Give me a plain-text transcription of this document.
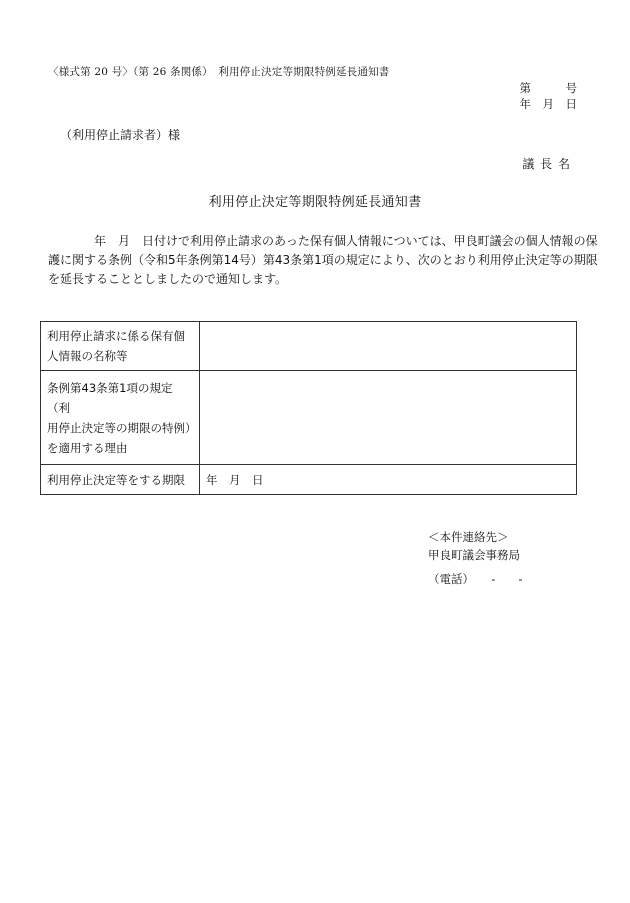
〈様式第 20 号〉（第 26 条関係）　利用停止決定等期限特例延長通知書
第　　　号
年　月　日
（利用停止請求者）様
議 長 名
利用停止決定等期限特例延長通知書
年　月　日付けで利用停止請求のあった保有個人情報については、甲良町議会の個人情報の保
護に関する条例（令和5年条例第14号）第43条第1項の規定により、次のとおり利用停止決定等の期限
を延長することとしましたので通知します。
利用停止請求に係る保有個
人情報の名称等	

条例第43条第1項の規定（利
用停止決定等の期限の特例）
を適用する理由	

利用停止決定等をする期限	年　月　日
＜本件連絡先＞
甲良町議会事務局
（電話）　　-　　-
